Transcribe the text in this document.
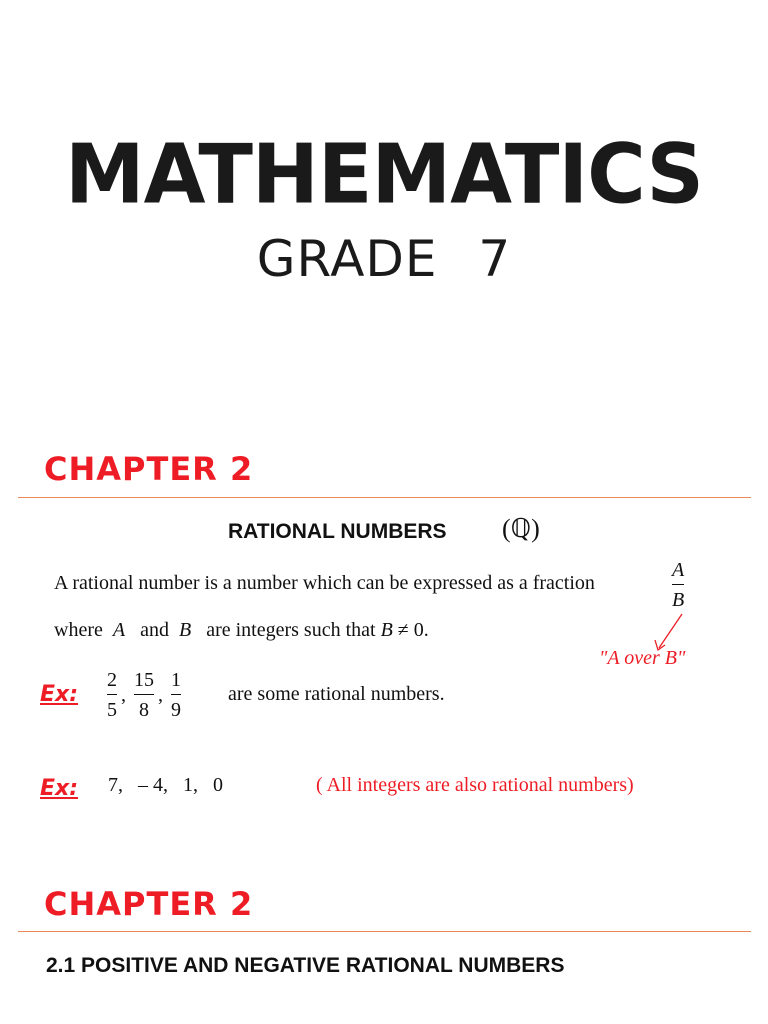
MATHEMATICS
GRADE 7
CHAPTER 2
RATIONAL NUMBERS (ℚ)
A rational number is a number which can be expressed as a fraction	$\frac{A}{B}$
where A and B are integers such that B ≠ 0.
"A over B"
Ex: $\frac{2}{5}$ , $\frac{15}{8}$ , $\frac{1}{9}$ are some rational numbers.
Ex: 7,   – 4,   1,   0	( All integers are also rational numbers)
CHAPTER 2
2.1 POSITIVE AND NEGATIVE RATIONAL NUMBERS
